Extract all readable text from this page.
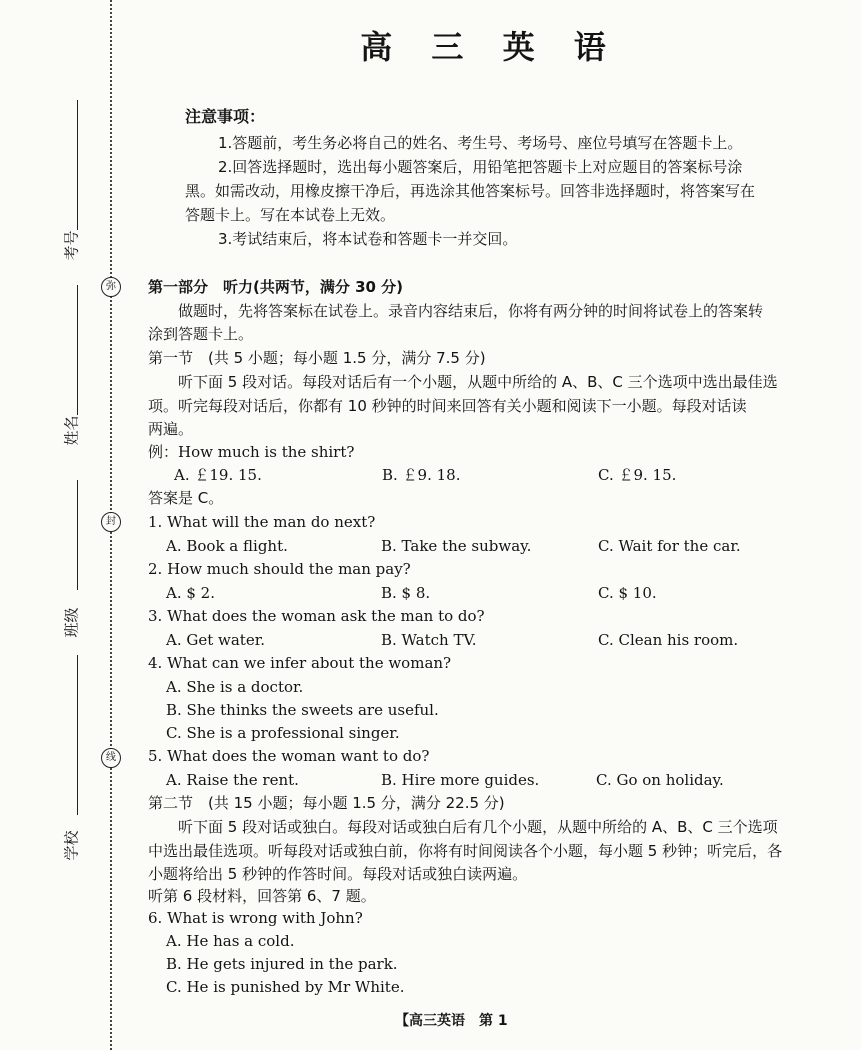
考号
姓名
班级
学校
弥
封
线
高 三 英 语
注意事项：
1.答题前，考生务必将自己的姓名、考生号、考场号、座位号填写在答题卡上。
2.回答选择题时，选出每小题答案后，用铅笔把答题卡上对应题目的答案标号涂
黑。如需改动，用橡皮擦干净后，再选涂其他答案标号。回答非选择题时，将答案写在
答题卡上。写在本试卷上无效。
3.考试结束后，将本试卷和答题卡一并交回。
第一部分　听力(共两节，满分 30 分)
做题时，先将答案标在试卷上。录音内容结束后，你将有两分钟的时间将试卷上的答案转
涂到答题卡上。
第一节　(共 5 小题；每小题 1.5 分，满分 7.5 分)
听下面 5 段对话。每段对话后有一个小题，从题中所给的 A、B、C 三个选项中选出最佳选
项。听完每段对话后，你都有 10 秒钟的时间来回答有关小题和阅读下一小题。每段对话读
两遍。
例：How much is the shirt?
A. ￡19. 15.	B. ￡9. 18.	C. ￡9. 15.
答案是 C。
1. What will the man do next?
A. Book a flight.	B. Take the subway.	C. Wait for the car.
2. How much should the man pay?
A. $ 2.	B. $ 8.	C. $ 10.
3. What does the woman ask the man to do?
A. Get water.	B. Watch TV.	C. Clean his room.
4. What can we infer about the woman?
A. She is a doctor.
B. She thinks the sweets are useful.
C. She is a professional singer.
5. What does the woman want to do?
A. Raise the rent.	B. Hire more guides.	C. Go on holiday.
第二节　(共 15 小题；每小题 1.5 分，满分 22.5 分)
听下面 5 段对话或独白。每段对话或独白后有几个小题，从题中所给的 A、B、C 三个选项
中选出最佳选项。听每段对话或独白前，你将有时间阅读各个小题，每小题 5 秒钟；听完后，各
小题将给出 5 秒钟的作答时间。每段对话或独白读两遍。
听第 6 段材料，回答第 6、7 题。
6. What is wrong with John?
A. He has a cold.
B. He gets injured in the park.
C. He is punished by Mr White.
【高三英语　第 1
